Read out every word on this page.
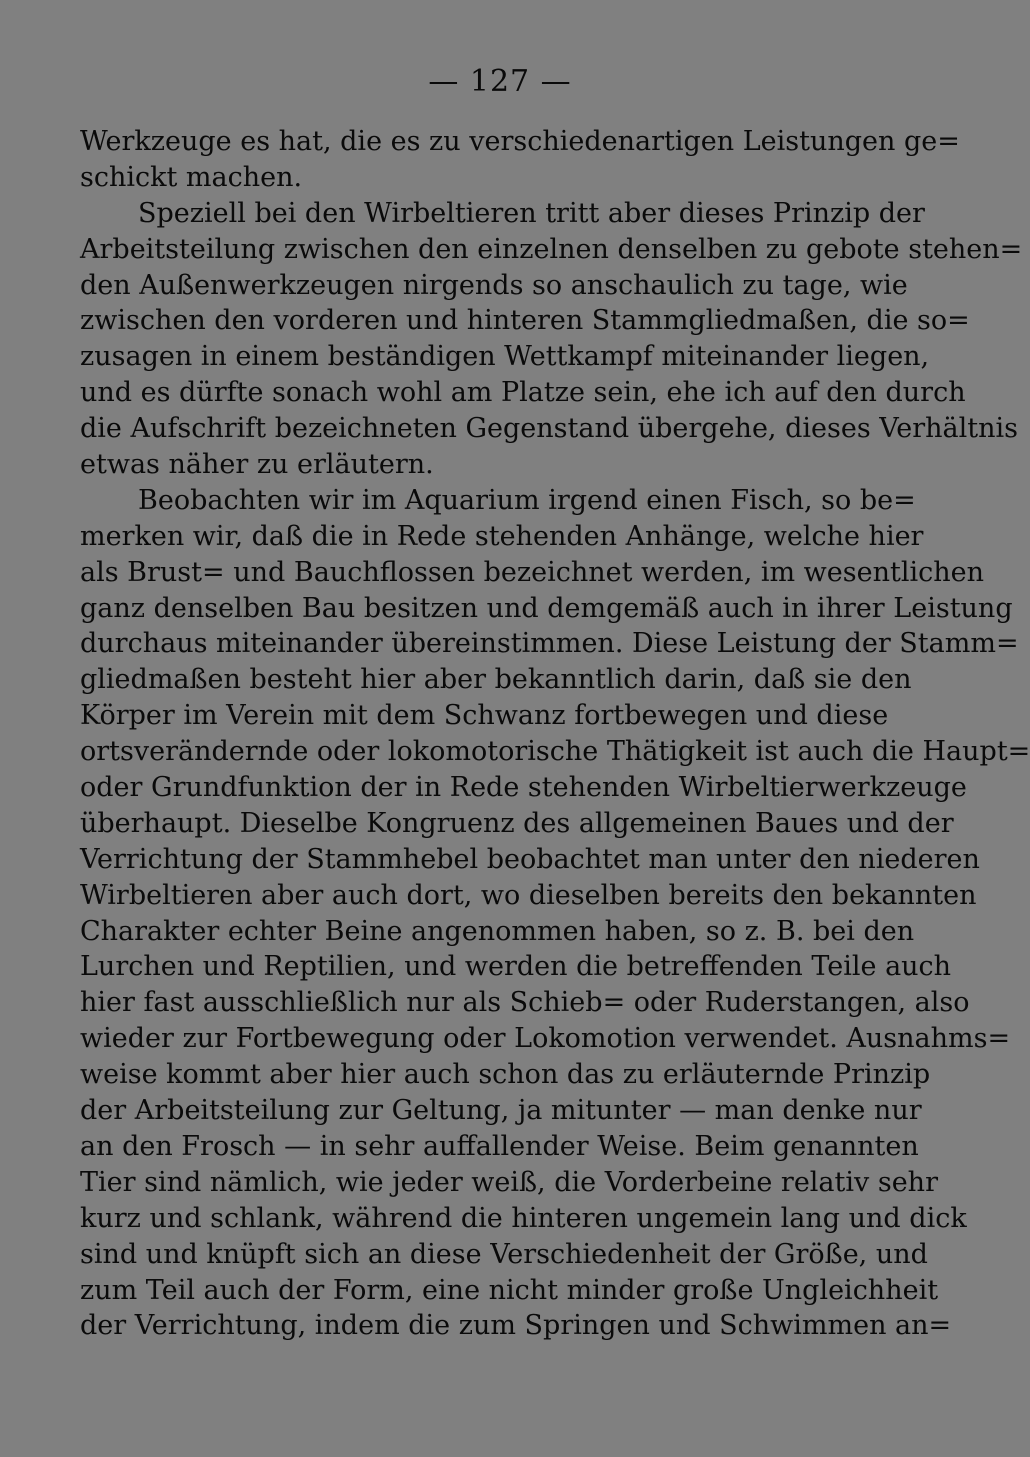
— 127 —
Werkzeuge es hat, die es zu verschiedenartigen Leistungen ge=
schickt machen.
Speziell bei den Wirbeltieren tritt aber dieses Prinzip der
Arbeitsteilung zwischen den einzelnen denselben zu gebote stehen=
den Außenwerkzeugen nirgends so anschaulich zu tage, wie
zwischen den vorderen und hinteren Stammgliedmaßen, die so=
zusagen in einem beständigen Wettkampf miteinander liegen,
und es dürfte sonach wohl am Platze sein, ehe ich auf den durch
die Aufschrift bezeichneten Gegenstand übergehe, dieses Verhältnis
etwas näher zu erläutern.
Beobachten wir im Aquarium irgend einen Fisch, so be=
merken wir, daß die in Rede stehenden Anhänge, welche hier
als Brust= und Bauchflossen bezeichnet werden, im wesentlichen
ganz denselben Bau besitzen und demgemäß auch in ihrer Leistung
durchaus miteinander übereinstimmen. Diese Leistung der Stamm=
gliedmaßen besteht hier aber bekanntlich darin, daß sie den
Körper im Verein mit dem Schwanz fortbewegen und diese
ortsverändernde oder lokomotorische Thätigkeit ist auch die Haupt=
oder Grundfunktion der in Rede stehenden Wirbeltierwerkzeuge
überhaupt. Dieselbe Kongruenz des allgemeinen Baues und der
Verrichtung der Stammhebel beobachtet man unter den niederen
Wirbeltieren aber auch dort, wo dieselben bereits den bekannten
Charakter echter Beine angenommen haben, so z. B. bei den
Lurchen und Reptilien, und werden die betreffenden Teile auch
hier fast ausschließlich nur als Schieb= oder Ruderstangen, also
wieder zur Fortbewegung oder Lokomotion verwendet. Ausnahms=
weise kommt aber hier auch schon das zu erläuternde Prinzip
der Arbeitsteilung zur Geltung, ja mitunter — man denke nur
an den Frosch — in sehr auffallender Weise. Beim genannten
Tier sind nämlich, wie jeder weiß, die Vorderbeine relativ sehr
kurz und schlank, während die hinteren ungemein lang und dick
sind und knüpft sich an diese Verschiedenheit der Größe, und
zum Teil auch der Form, eine nicht minder große Ungleichheit
der Verrichtung, indem die zum Springen und Schwimmen an=
